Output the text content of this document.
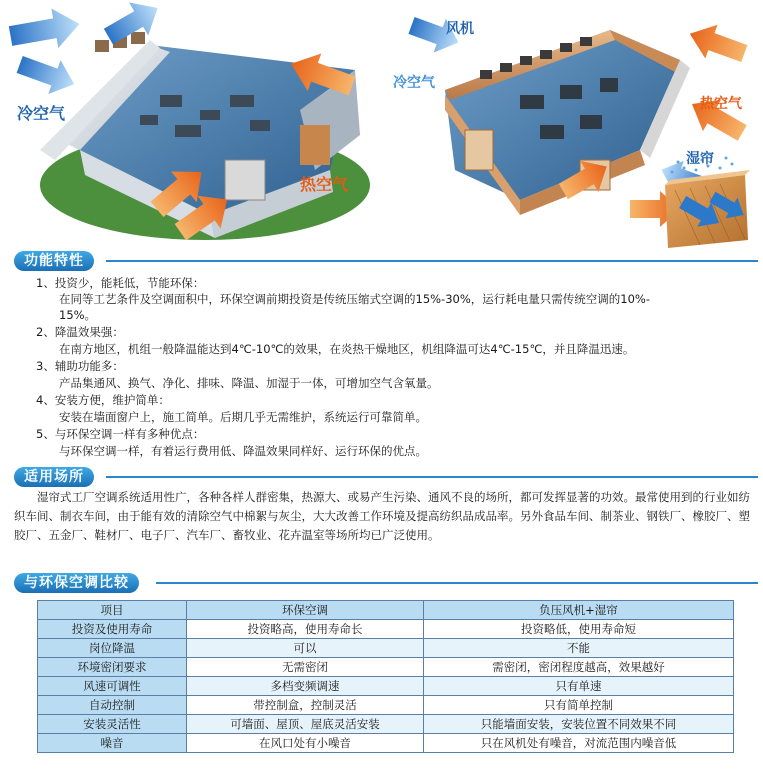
冷空气
热空气
风机
冷空气
热空气
湿帘
功能特性
1、投资少，能耗低，节能环保：
在同等工艺条件及空调面积中，环保空调前期投资是传统压缩式空调的15%-30%，运行耗电量只需传统空调的10%-
15%。
2、降温效果强：
在南方地区，机组一般降温能达到4℃-10℃的效果，在炎热干燥地区，机组降温可达4℃-15℃，并且降温迅速。
3、辅助功能多：
产品集通风、换气、净化、排味、降温、加湿于一体，可增加空气含氧量。
4、安装方便，维护简单：
安装在墙面窗户上，施工简单。后期几乎无需维护，系统运行可靠简单。
5、与环保空调一样有多种优点：
与环保空调一样，有着运行费用低、降温效果同样好、运行环保的优点。
适用场所
湿帘式工厂空调系统适用性广，各种各样人群密集，热源大、或易产生污染、通风不良的场所，都可发挥显著的功效。最常使用到的行业如纺织车间、制衣车间，由于能有效的清除空气中棉絮与灰尘，大大改善工作环境及提高纺织品成品率。另外食品车间、制茶业、钢铁厂、橡胶厂、塑胶厂、五金厂、鞋材厂、电子厂、汽车厂、畜牧业、花卉温室等场所均已广泛使用。
与环保空调比较
项目	环保空调	负压风机+湿帘
投资及使用寿命	投资略高，使用寿命长	投资略低，使用寿命短
岗位降温	可以	不能
环境密闭要求	无需密闭	需密闭，密闭程度越高，效果越好
风速可调性	多档变频调速	只有单速
自动控制	带控制盒，控制灵活	只有简单控制
安装灵活性	可墙面、屋顶、屋底灵活安装	只能墙面安装，安装位置不同效果不同
噪音	在风口处有小噪音	只在风机处有噪音，对流范围内噪音低
